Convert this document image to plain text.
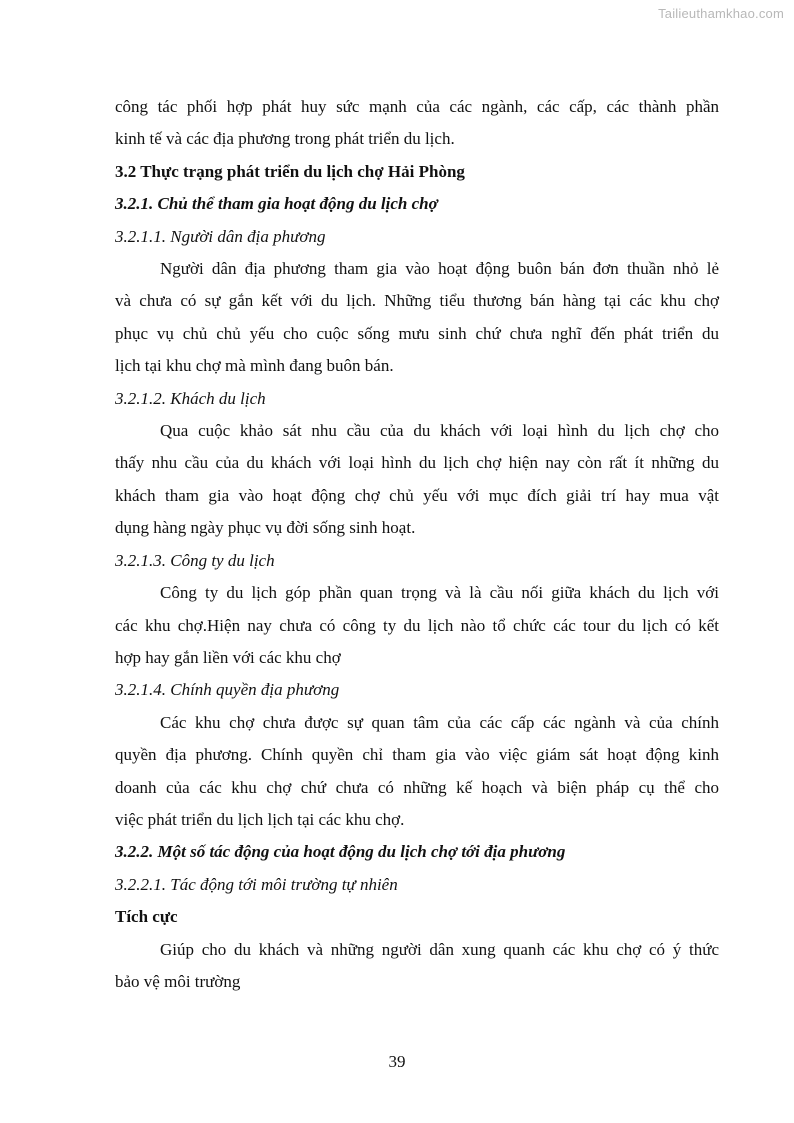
Tailieuthamkhao.com
công tác phối hợp phát huy sức mạnh của các ngành, các cấp, các thành phần
kinh tế và các địa phương trong phát triển du lịch.
3.2 Thực trạng phát triển du lịch chợ Hải Phòng
3.2.1. Chủ thể tham gia hoạt động du lịch chợ
3.2.1.1. Người dân địa phương
Người dân địa phương tham gia vào hoạt động buôn bán đơn thuần nhỏ lẻ
và chưa có sự gắn kết với du lịch. Những tiểu thương bán hàng tại các khu chợ
phục vụ chủ chủ yếu cho cuộc sống mưu sinh chứ chưa nghĩ đến phát triển du
lịch tại khu chợ mà mình đang buôn bán.
3.2.1.2. Khách du lịch
Qua cuộc khảo sát nhu cầu của du khách với loại hình du lịch chợ cho
thấy nhu cầu của du khách với loại hình du lịch chợ hiện nay còn rất ít những du
khách tham gia vào hoạt động chợ chủ yếu với mục đích giải trí hay mua vật
dụng hàng ngày phục vụ đời sống sinh hoạt.
3.2.1.3. Công ty du lịch
Công ty du lịch góp phần quan trọng và là cầu nối giữa khách du lịch với
các khu chợ.Hiện nay chưa có công ty du lịch nào tổ chức các tour du lịch có kết
hợp hay gắn liền với các khu chợ
3.2.1.4. Chính quyền địa phương
Các khu chợ chưa được sự quan tâm của các cấp các ngành và của chính
quyền địa phương. Chính quyền chỉ tham gia vào việc giám sát hoạt động kinh
doanh của các khu chợ chứ chưa có những kế hoạch và biện pháp cụ thể cho
việc phát triển du lịch lịch tại các khu chợ.
3.2.2. Một số tác động của hoạt động du lịch chợ tới địa phương
3.2.2.1. Tác động tới môi trường tự nhiên
Tích cực
Giúp cho du khách và những người dân xung quanh các khu chợ có ý thức
bảo vệ môi trường
39
